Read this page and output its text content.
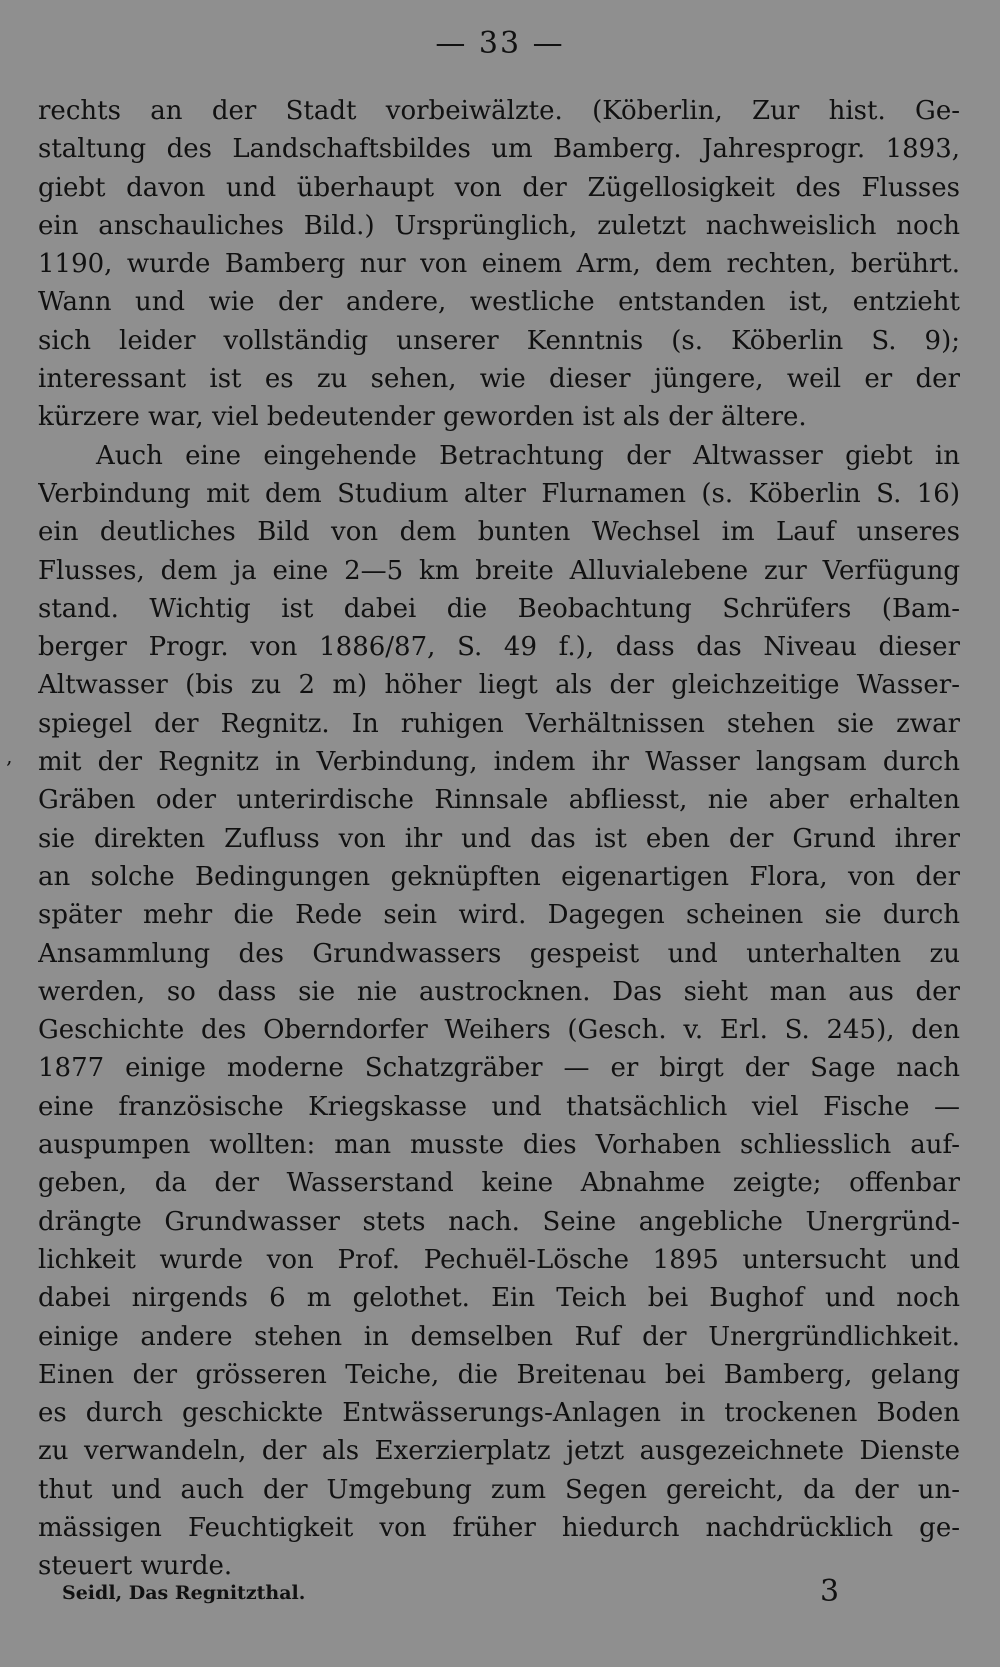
— 33 —
‚
rechts an der Stadt vorbeiwälzte. (Köberlin, Zur hist. Ge-
staltung des Landschaftsbildes um Bamberg. Jahresprogr. 1893,
giebt davon und überhaupt von der Zügellosigkeit des Flusses
ein anschauliches Bild.) Ursprünglich, zuletzt nachweislich noch
1190, wurde Bamberg nur von einem Arm, dem rechten, berührt.
Wann und wie der andere, westliche entstanden ist, entzieht
sich leider vollständig unserer Kenntnis (s. Köberlin S. 9);
interessant ist es zu sehen, wie dieser jüngere, weil er der
kürzere war, viel bedeutender geworden ist als der ältere.
Auch eine eingehende Betrachtung der Altwasser giebt in
Verbindung mit dem Studium alter Flurnamen (s. Köberlin S. 16)
ein deutliches Bild von dem bunten Wechsel im Lauf unseres
Flusses, dem ja eine 2—5 km breite Alluvialebene zur Verfügung
stand. Wichtig ist dabei die Beobachtung Schrüfers (Bam-
berger Progr. von 1886/87, S. 49 f.), dass das Niveau dieser
Altwasser (bis zu 2 m) höher liegt als der gleichzeitige Wasser-
spiegel der Regnitz. In ruhigen Verhältnissen stehen sie zwar
mit der Regnitz in Verbindung, indem ihr Wasser langsam durch
Gräben oder unterirdische Rinnsale abfliesst, nie aber erhalten
sie direkten Zufluss von ihr und das ist eben der Grund ihrer
an solche Bedingungen geknüpften eigenartigen Flora, von der
später mehr die Rede sein wird. Dagegen scheinen sie durch
Ansammlung des Grundwassers gespeist und unterhalten zu
werden, so dass sie nie austrocknen. Das sieht man aus der
Geschichte des Oberndorfer Weihers (Gesch. v. Erl. S. 245), den
1877 einige moderne Schatzgräber — er birgt der Sage nach
eine französische Kriegskasse und thatsächlich viel Fische —
auspumpen wollten: man musste dies Vorhaben schliesslich auf-
geben, da der Wasserstand keine Abnahme zeigte; offenbar
drängte Grundwasser stets nach. Seine angebliche Unergründ-
lichkeit wurde von Prof. Pechuël-Lösche 1895 untersucht und
dabei nirgends 6 m gelothet. Ein Teich bei Bughof und noch
einige andere stehen in demselben Ruf der Unergründlichkeit.
Einen der grösseren Teiche, die Breitenau bei Bamberg, gelang
es durch geschickte Entwässerungs-Anlagen in trockenen Boden
zu verwandeln, der als Exerzierplatz jetzt ausgezeichnete Dienste
thut und auch der Umgebung zum Segen gereicht, da der un-
mässigen Feuchtigkeit von früher hiedurch nachdrücklich ge-
steuert wurde.
Seidl, Das Regnitzthal.	3
